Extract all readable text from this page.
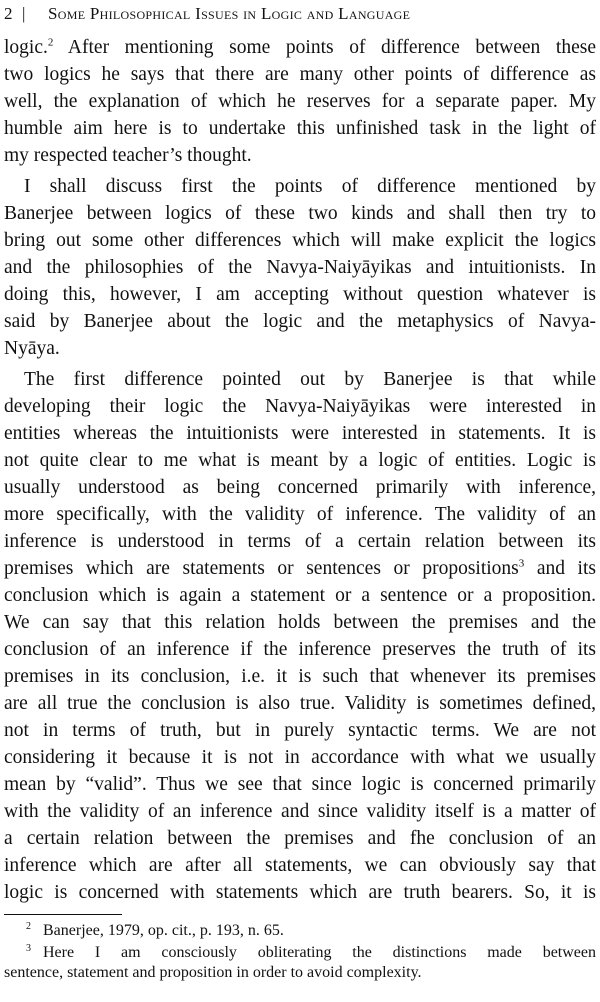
2 | Some Philosophical Issues in Logic and Language
logic.$^2$ After mentioning some points of difference between these
two logics he says that there are many other points of difference as
well, the explanation of which he reserves for a separate paper. My
humble aim here is to undertake this unfinished task in the light of
my respected teacher’s thought.
I shall discuss first the points of difference mentioned by
Banerjee between logics of these two kinds and shall then try to
bring out some other differences which will make explicit the logics
and the philosophies of the Navya-Naiyāyikas and intuitionists. In
doing this, however, I am accepting without question whatever is
said by Banerjee about the logic and the metaphysics of Navya-
Nyāya.
The first difference pointed out by Banerjee is that while
developing their logic the Navya-Naiyāyikas were interested in
entities whereas the intuitionists were interested in statements. It is
not quite clear to me what is meant by a logic of entities. Logic is
usually understood as being concerned primarily with inference,
more specifically, with the validity of inference. The validity of an
inference is understood in terms of a certain relation between its
premises which are statements or sentences or propositions$^3$ and its
conclusion which is again a statement or a sentence or a proposition.
We can say that this relation holds between the premises and the
conclusion of an inference if the inference preserves the truth of its
premises in its conclusion, i.e. it is such that whenever its premises
are all true the conclusion is also true. Validity is sometimes defined,
not in terms of truth, but in purely syntactic terms. We are not
considering it because it is not in accordance with what we usually
mean by “valid”. Thus we see that since logic is concerned primarily
with the validity of an inference and since validity itself is a matter of
a certain relation between the premises and fhe conclusion of an
inference which are after all statements, we can obviously say that
logic is concerned with statements which are truth bearers. So, it is
$^2$ Banerjee, 1979, op. cit., p. 193, n. 65.
$^3$ Here I am consciously obliterating the distinctions made between
sentence, statement and proposition in order to avoid complexity.
